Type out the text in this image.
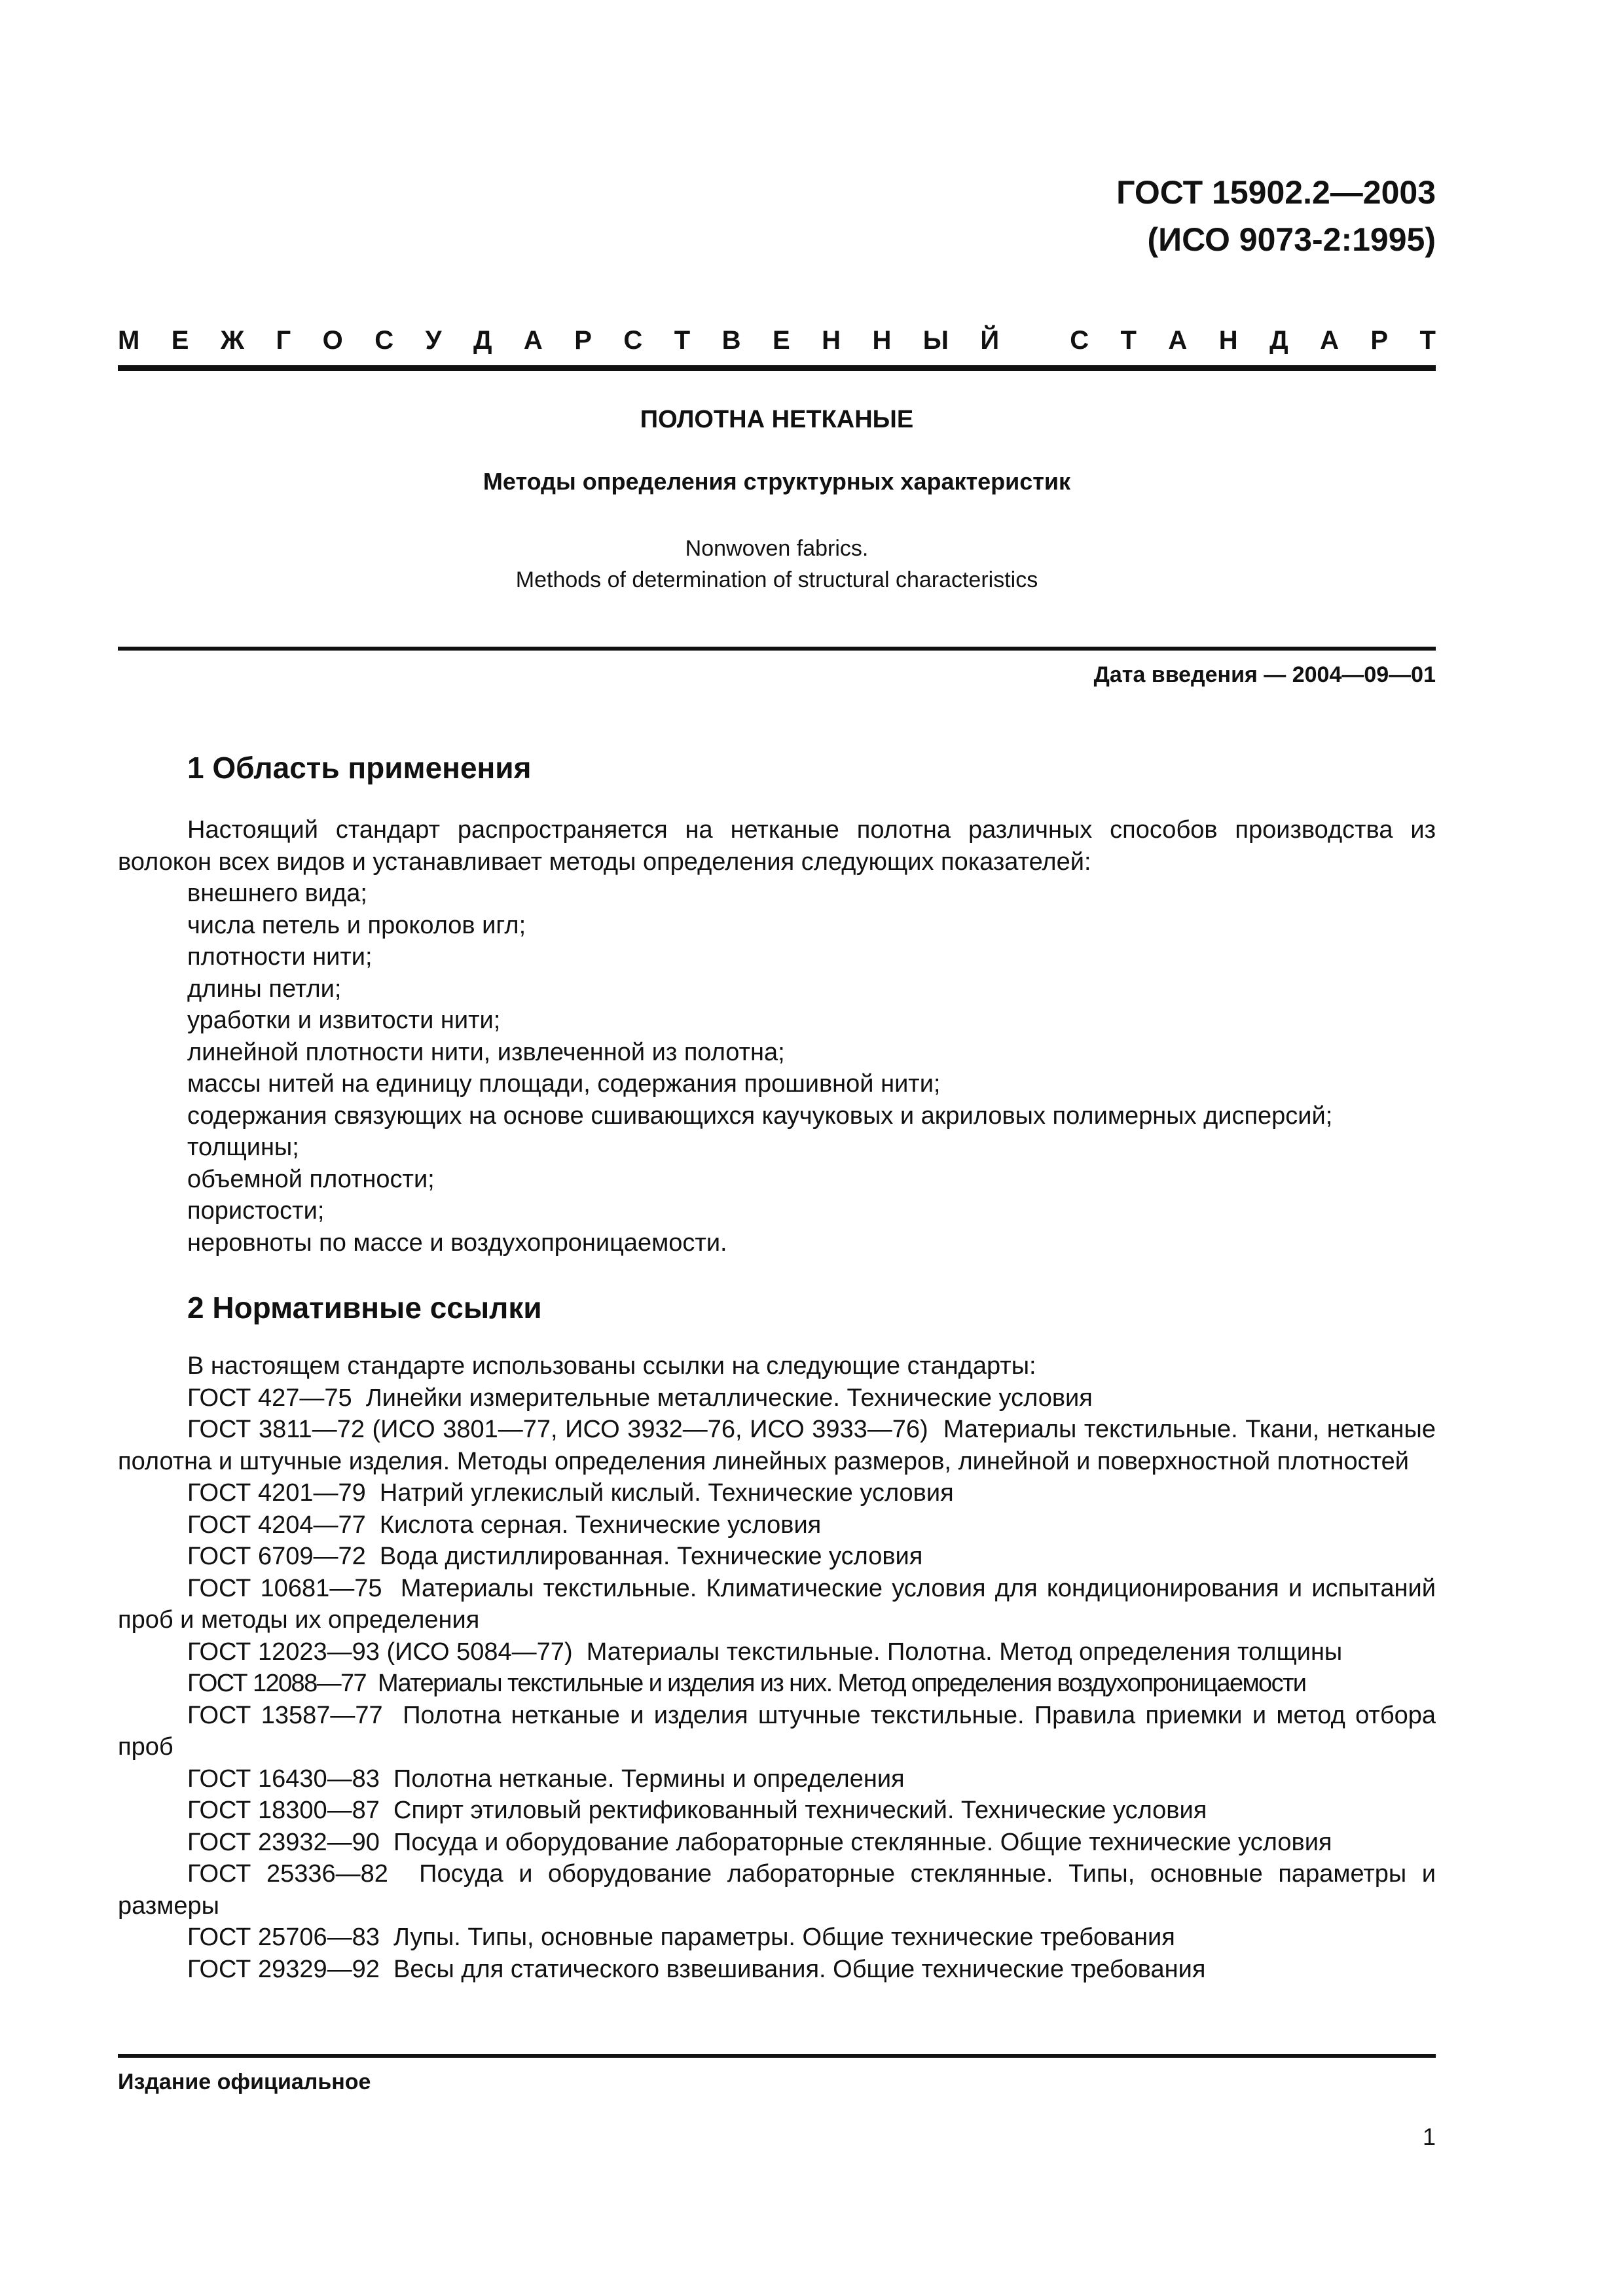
ГОСТ 15902.2—2003
(ИСО 9073-2:1995)
М Е Ж Г О С У Д А Р С Т В Е Н Н Ы Й
	С Т А Н Д А Р Т
ПОЛОТНА НЕТКАНЫЕ
Методы определения структурных характеристик
Nonwoven fabrics.
Methods of determination of structural characteristics
Дата введения — 2004—09—01
1 Область применения

Настоящий стандарт распространяется на нетканые полотна различных способов производства из волокон всех видов и устанавливает методы определения следующих показателей:

внешнего вида;

числа петель и проколов игл;

плотности нити;

длины петли;

уработки и извитости нити;

линейной плотности нити, извлеченной из полотна;

массы нитей на единицу площади, содержания прошивной нити;

содержания связующих на основе сшивающихся каучуковых и акриловых полимерных дисперсий;

толщины;

объемной плотности;

пористости;

неровноты по массе и воздухопроницаемости.

2 Нормативные ссылки

В настоящем стандарте использованы ссылки на следующие стандарты:

ГОСТ 427—75 Линейки измерительные металлические. Технические условия

ГОСТ 3811—72 (ИСО 3801—77, ИСО 3932—76, ИСО 3933—76) Материалы текстильные. Ткани, нетканые полотна и штучные изделия. Методы определения линейных размеров, линейной и поверхностной плотностей

ГОСТ 4201—79 Натрий углекислый кислый. Технические условия

ГОСТ 4204—77 Кислота серная. Технические условия

ГОСТ 6709—72 Вода дистиллированная. Технические условия

ГОСТ 10681—75 Материалы текстильные. Климатические условия для кондиционирования и испытаний проб и методы их определения

ГОСТ 12023—93 (ИСО 5084—77) Материалы текстильные. Полотна. Метод определения толщины

ГОСТ 12088—77 Материалы текстильные и изделия из них. Метод определения воздухопроницаемости

ГОСТ 13587—77 Полотна нетканые и изделия штучные текстильные. Правила приемки и метод отбора проб

ГОСТ 16430—83 Полотна нетканые. Термины и определения

ГОСТ 18300—87 Спирт этиловый ректификованный технический. Технические условия

ГОСТ 23932—90 Посуда и оборудование лабораторные стеклянные. Общие технические условия

ГОСТ 25336—82 Посуда и оборудование лабораторные стеклянные. Типы, основные параметры и размеры

ГОСТ 25706—83 Лупы. Типы, основные параметры. Общие технические требования

ГОСТ 29329—92 Весы для статического взвешивания. Общие технические требования

Издание официальное
1
